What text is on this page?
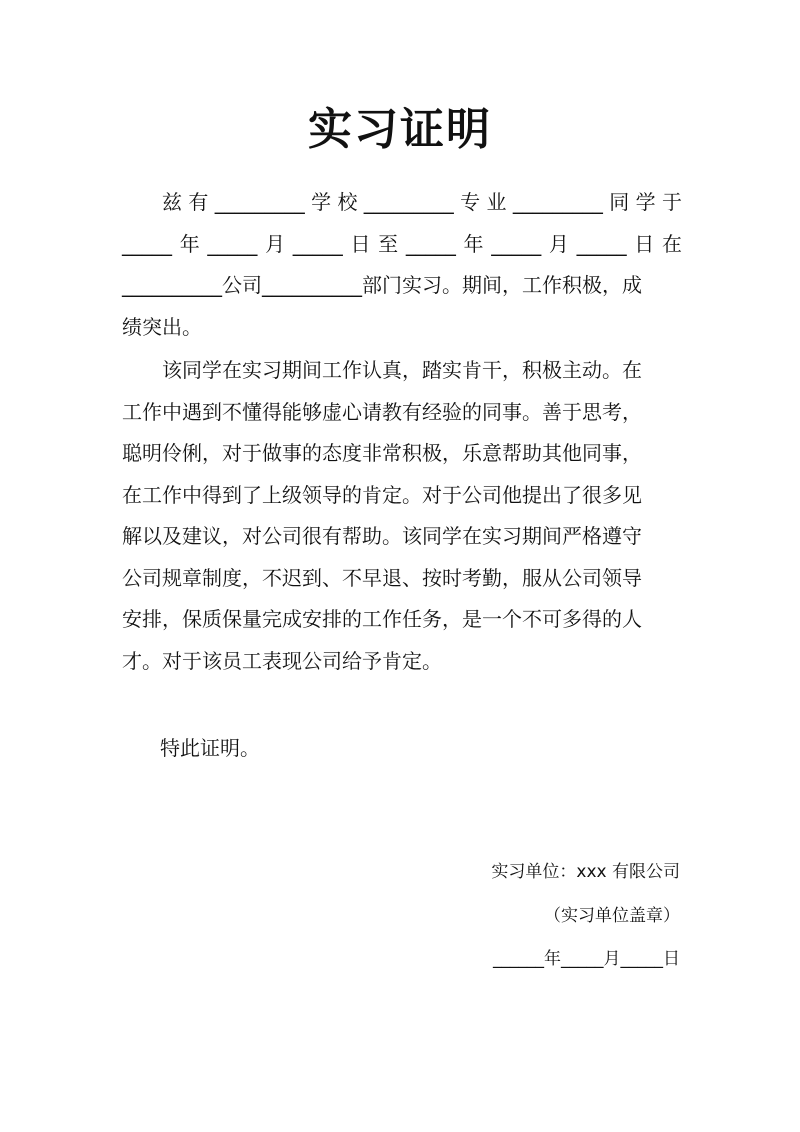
实习证明
兹 有 _________ 学 校 _________ 专 业 _________ 同 学 于
_____ 年 _____ 月 _____ 日 至 _____ 年 _____ 月 _____ 日 在
__________公司__________部门实习。期间，工作积极，成
绩突出。
该同学在实习期间工作认真，踏实肯干，积极主动。在
工作中遇到不懂得能够虚心请教有经验的同事。善于思考，
聪明伶俐，对于做事的态度非常积极，乐意帮助其他同事，
在工作中得到了上级领导的肯定。对于公司他提出了很多见
解以及建议，对公司很有帮助。该同学在实习期间严格遵守
公司规章制度，不迟到、不早退、按时考勤，服从公司领导
安排，保质保量完成安排的工作任务，是一个不可多得的人
才。对于该员工表现公司给予肯定。
特此证明。
实习单位：xxx 有限公司
（实习单位盖章）
______年_____月_____日
